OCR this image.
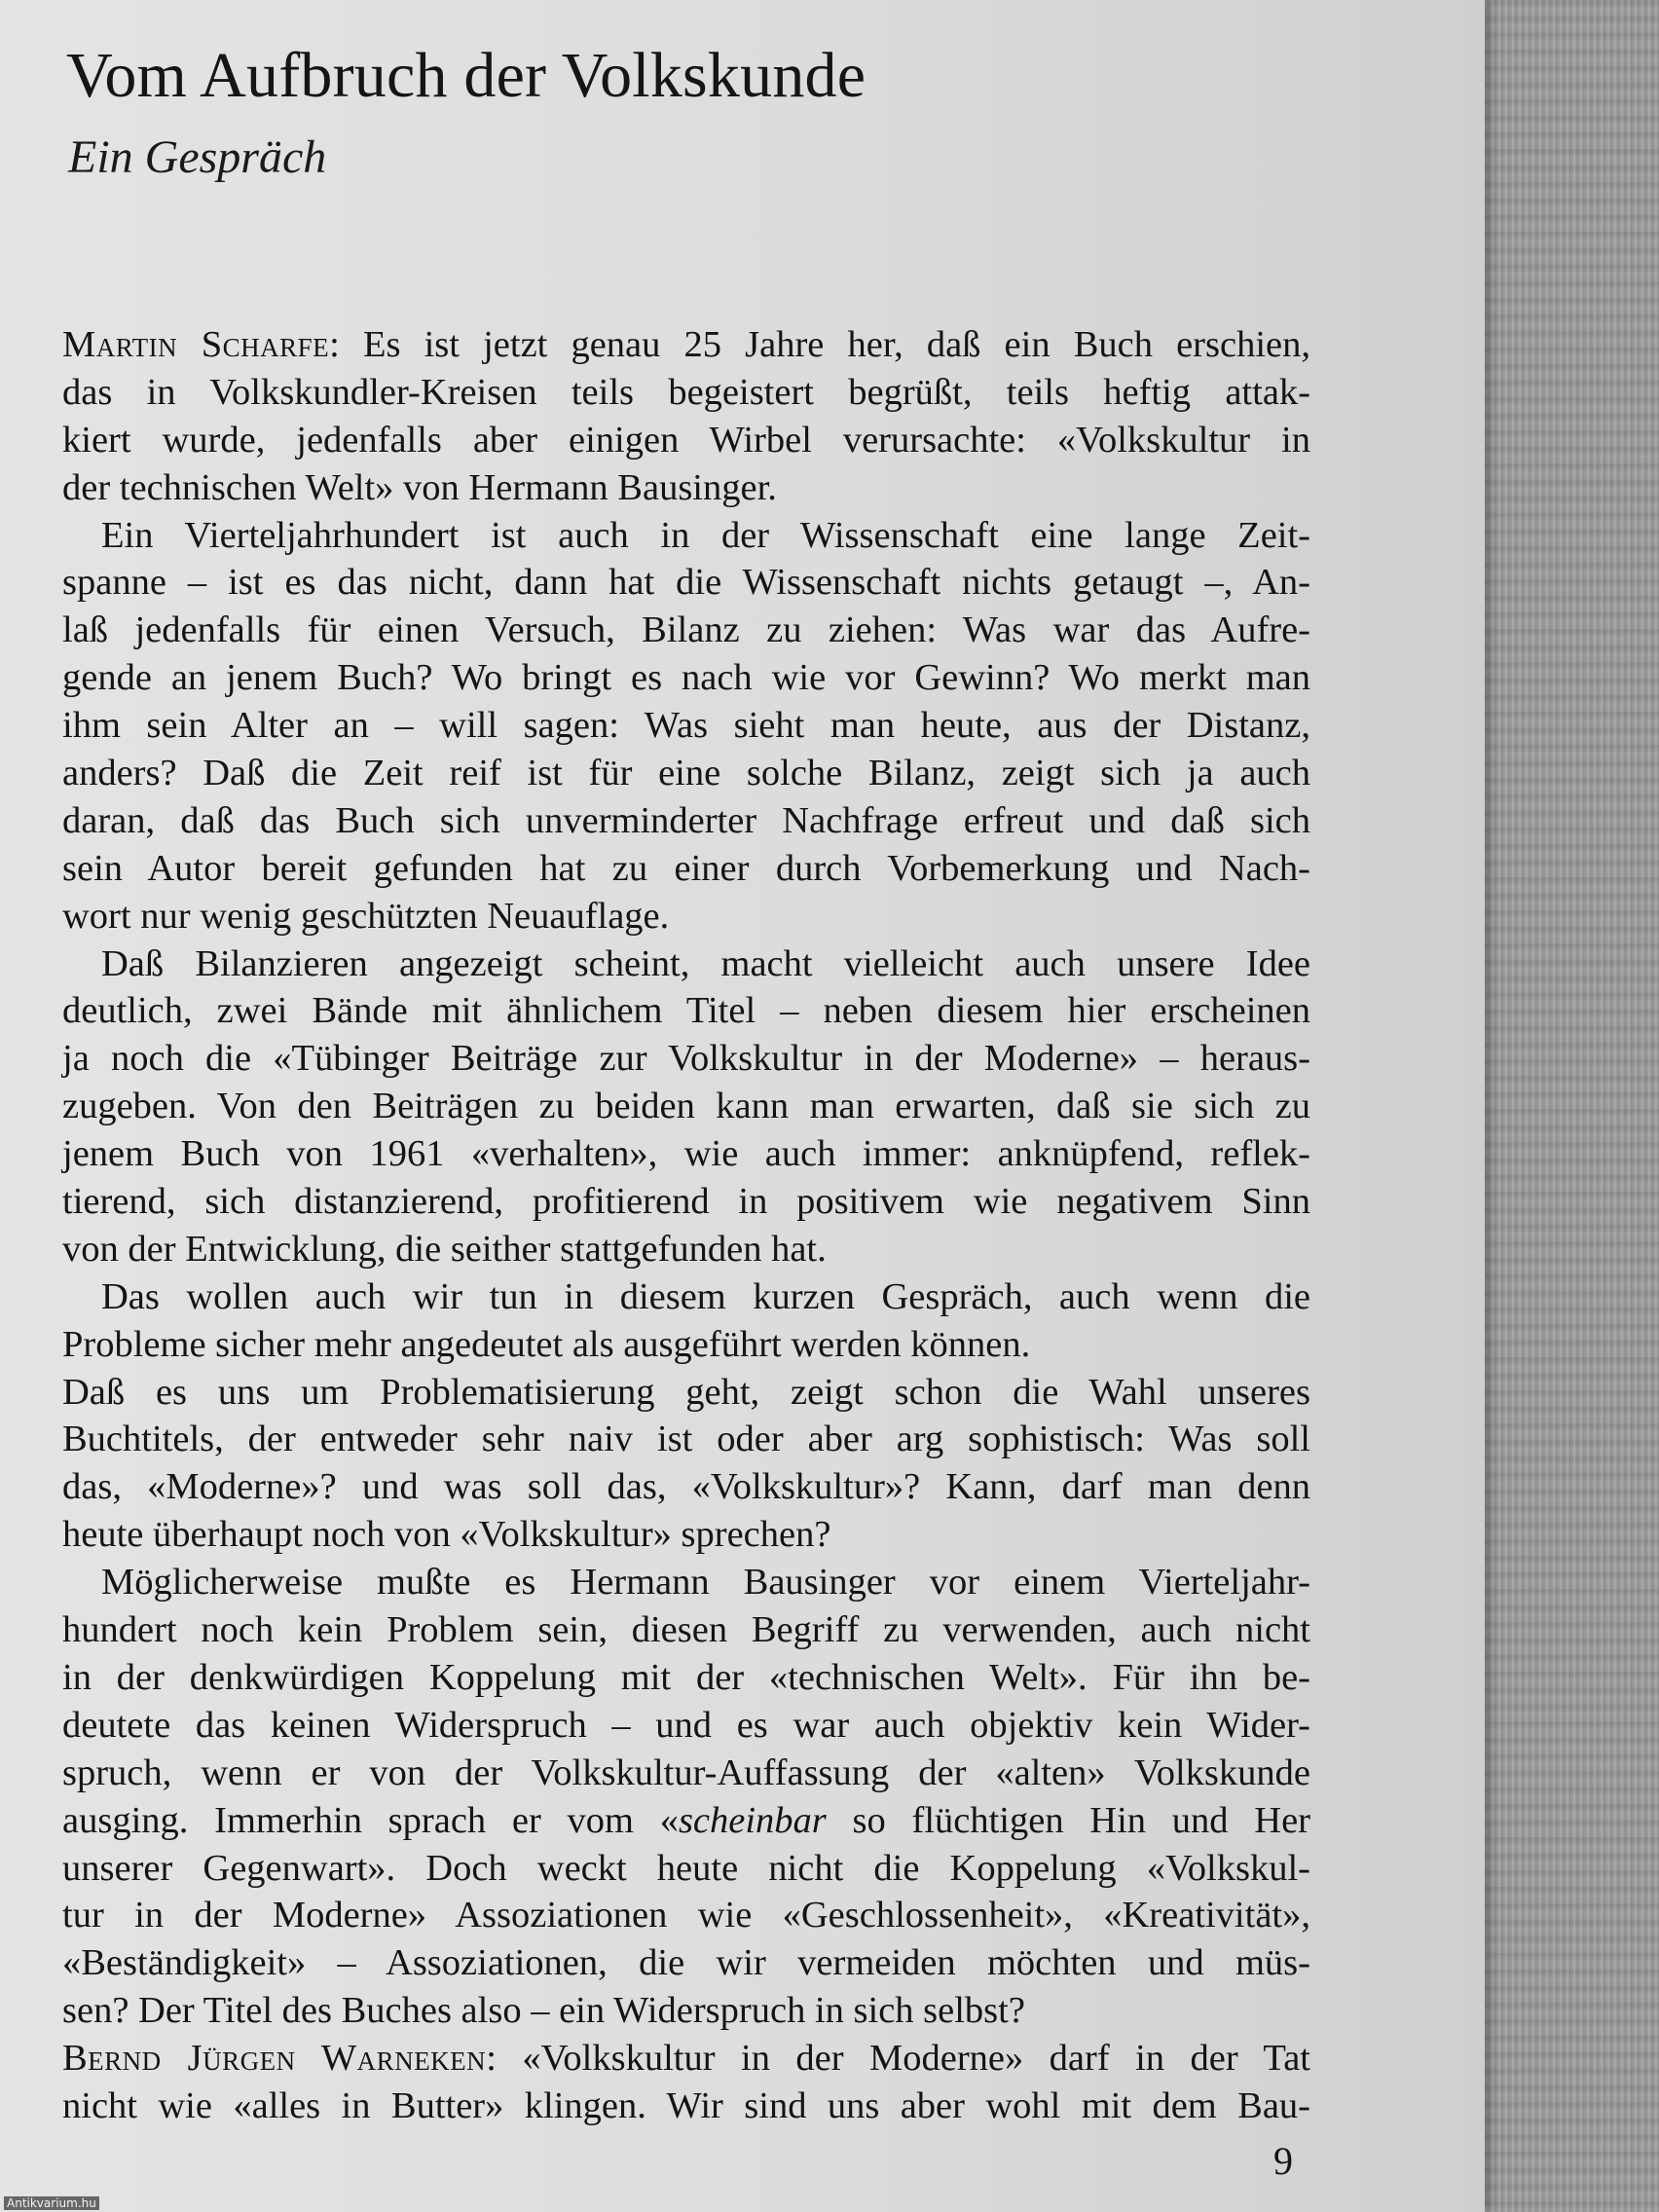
Vom Aufbruch der Volkskunde
Ein Gespräch
Martin Scharfe: Es ist jetzt genau 25 Jahre her, daß ein Buch erschien,
das in Volkskundler-Kreisen teils begeistert begrüßt, teils heftig attak-
kiert wurde, jedenfalls aber einigen Wirbel verursachte: «Volkskultur in
der technischen Welt» von Hermann Bausinger.
Ein Vierteljahrhundert ist auch in der Wissenschaft eine lange Zeit-
spanne – ist es das nicht, dann hat die Wissenschaft nichts getaugt –, An-
laß jedenfalls für einen Versuch, Bilanz zu ziehen: Was war das Aufre-
gende an jenem Buch? Wo bringt es nach wie vor Gewinn? Wo merkt man
ihm sein Alter an – will sagen: Was sieht man heute, aus der Distanz,
anders? Daß die Zeit reif ist für eine solche Bilanz, zeigt sich ja auch
daran, daß das Buch sich unverminderter Nachfrage erfreut und daß sich
sein Autor bereit gefunden hat zu einer durch Vorbemerkung und Nach-
wort nur wenig geschützten Neuauflage.
Daß Bilanzieren angezeigt scheint, macht vielleicht auch unsere Idee
deutlich, zwei Bände mit ähnlichem Titel – neben diesem hier erscheinen
ja noch die «Tübinger Beiträge zur Volkskultur in der Moderne» – heraus-
zugeben. Von den Beiträgen zu beiden kann man erwarten, daß sie sich zu
jenem Buch von 1961 «verhalten», wie auch immer: anknüpfend, reflek-
tierend, sich distanzierend, profitierend in positivem wie negativem Sinn
von der Entwicklung, die seither stattgefunden hat.
Das wollen auch wir tun in diesem kurzen Gespräch, auch wenn die
Probleme sicher mehr angedeutet als ausgeführt werden können.
Daß es uns um Problematisierung geht, zeigt schon die Wahl unseres
Buchtitels, der entweder sehr naiv ist oder aber arg sophistisch: Was soll
das, «Moderne»? und was soll das, «Volkskultur»? Kann, darf man denn
heute überhaupt noch von «Volkskultur» sprechen?
Möglicherweise mußte es Hermann Bausinger vor einem Vierteljahr-
hundert noch kein Problem sein, diesen Begriff zu verwenden, auch nicht
in der denkwürdigen Koppelung mit der «technischen Welt». Für ihn be-
deutete das keinen Widerspruch – und es war auch objektiv kein Wider-
spruch, wenn er von der Volkskultur-Auffassung der «alten» Volkskunde
ausging. Immerhin sprach er vom «scheinbar so flüchtigen Hin und Her
unserer Gegenwart». Doch weckt heute nicht die Koppelung «Volkskul-
tur in der Moderne» Assoziationen wie «Geschlossenheit», «Kreativität»,
«Beständigkeit» – Assoziationen, die wir vermeiden möchten und müs-
sen? Der Titel des Buches also – ein Widerspruch in sich selbst?
Bernd Jürgen Warneken: «Volkskultur in der Moderne» darf in der Tat
nicht wie «alles in Butter» klingen. Wir sind uns aber wohl mit dem Bau-
9
Antikvarium.hu
